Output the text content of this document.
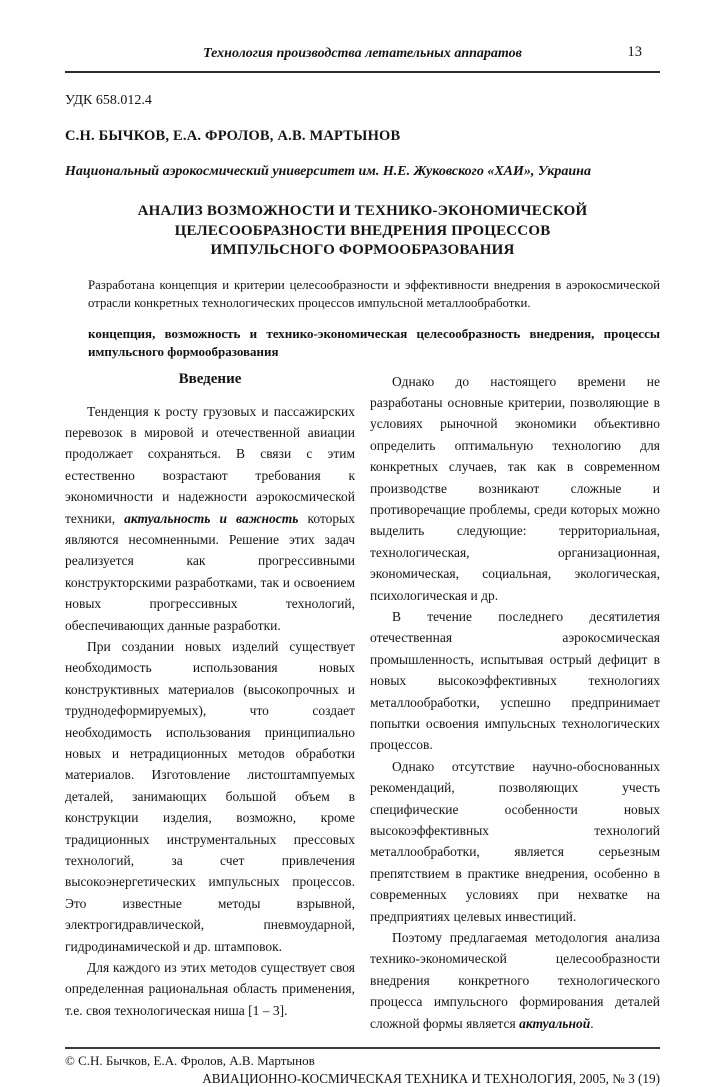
Технология производства летательных аппаратов	13
УДК 658.012.4
С.Н. БЫЧКОВ, Е.А. ФРОЛОВ, А.В. МАРТЫНОВ
Национальный аэрокосмический университет им. Н.Е. Жуковского «ХАИ», Украина
АНАЛИЗ ВОЗМОЖНОСТИ И ТЕХНИКО-ЭКОНОМИЧЕСКОЙ
ЦЕЛЕСООБРАЗНОСТИ ВНЕДРЕНИЯ ПРОЦЕССОВ
ИМПУЛЬСНОГО ФОРМООБРАЗОВАНИЯ
Разработана концепция и критерии целесообразности и эффективности внедрения в аэрокосмической отрасли конкретных технологических процессов импульсной металлообработки.
концепция, возможность и технико-экономическая целесообразность внедрения, процессы импульсного формообразования
Введение

Тенденция к росту грузовых и пассажирских перевозок в мировой и отечественной авиации продолжает сохраняться. В связи с этим естественно возрастают требования к экономичности и надежности аэрокосмической техники, актуальность и важность которых являются несомненными. Решение этих задач реализуется как прогрессивными конструкторскими разработками, так и освоением новых прогрессивных технологий, обеспечивающих данные разработки.

При создании новых изделий существует необходимость использования новых конструктивных материалов (высокопрочных и труднодеформируемых), что создает необходимость использования принципиально новых и нетрадиционных методов обработки материалов. Изготовление листоштампуемых деталей, занимающих большой объем в конструкции изделия, возможно, кроме традиционных инструментальных прессовых технологий, за счет привлечения высокоэнергетических импульсных процессов. Это известные методы взрывной, электрогидравлической, пневмоударной, гидродинамической и др. штамповок.

Для каждого из этих методов существует своя определенная рациональная область применения, т.е. своя технологическая ниша [1 – 3].

Однако до настоящего времени не разработаны основные критерии, позволяющие в условиях рыночной экономики объективно определить оптимальную технологию для конкретных случаев, так как в современном производстве возникают сложные и противоречащие проблемы, среди которых можно выделить следующие: территориальная, технологическая, организационная, экономическая, социальная, экологическая, психологическая и др.

В течение последнего десятилетия отечественная аэрокосмическая промышленность, испытывая острый дефицит в новых высокоэффективных технологиях металлообработки, успешно предпринимает попытки освоения импульсных технологических процессов.

Однако отсутствие научно-обоснованных рекомендаций, позволяющих учесть специфические особенности новых высокоэффективных технологий металлообработки, является серьезным препятствием в практике внедрения, особенно в современных условиях при нехватке на предприятиях целевых инвестиций.

Поэтому предлагаемая методология анализа технико-экономической целесообразности внедрения конкретного технологического процесса импульсного формирования деталей сложной формы является актуальной.

© С.Н. Бычков, Е.А. Фролов, А.В. Мартынов
АВИАЦИОННО-КОСМИЧЕСКАЯ ТЕХНИКА И ТЕХНОЛОГИЯ, 2005, № 3 (19)
